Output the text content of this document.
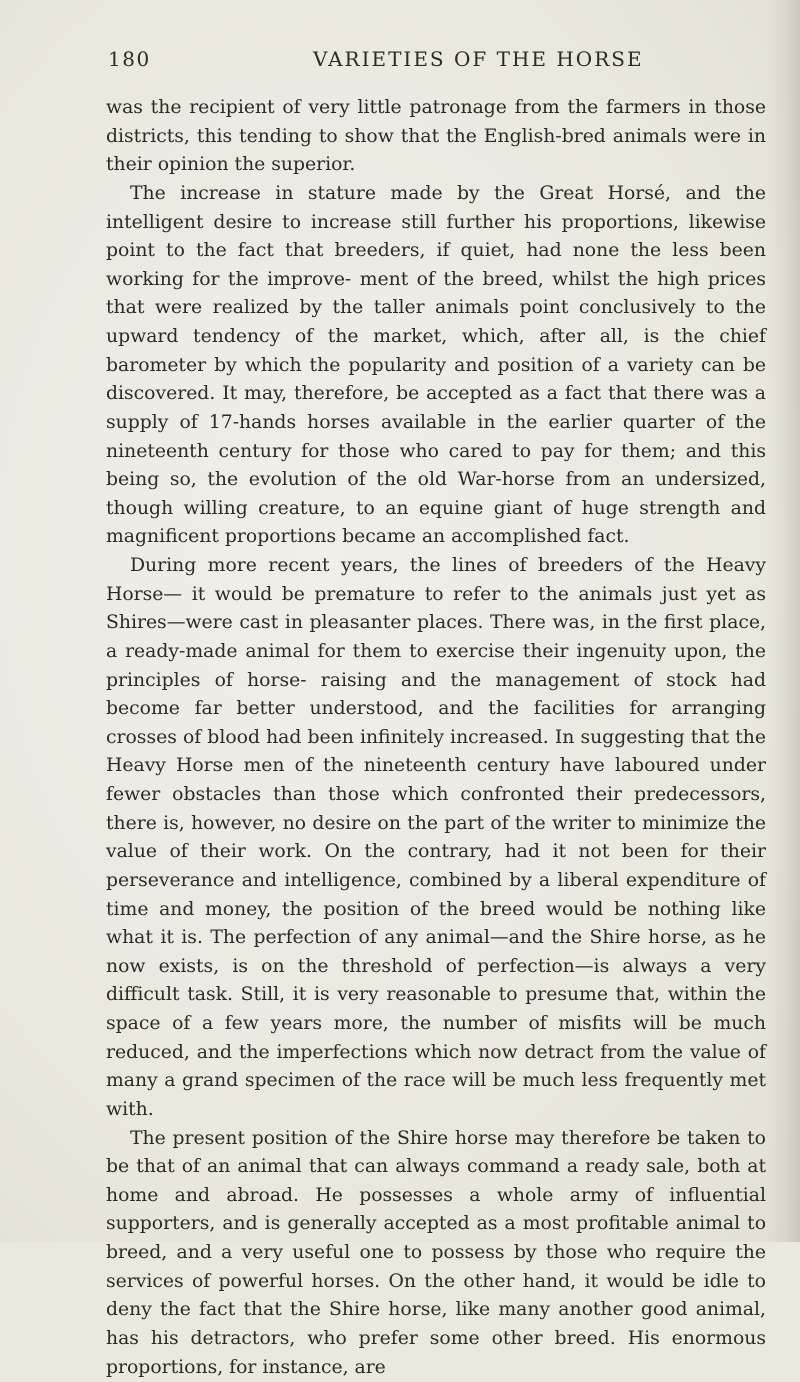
180	VARIETIES OF THE HORSE

was the recipient of very little patronage from the farmers in those districts, this tending to show that the English-bred animals were in their opinion the superior.

The increase in stature made by the Great Horsé, and the intelligent desire to increase still further his proportions, likewise point to the fact that breeders, if quiet, had none the less been working for the improve- ment of the breed, whilst the high prices that were realized by the taller animals point conclusively to the upward tendency of the market, which, after all, is the chief barometer by which the popularity and position of a variety can be discovered. It may, therefore, be accepted as a fact that there was a supply of 17-hands horses available in the earlier quarter of the nineteenth century for those who cared to pay for them; and this being so, the evolution of the old War-horse from an undersized, though willing creature, to an equine giant of huge strength and magnificent proportions became an accomplished fact.

During more recent years, the lines of breeders of the Heavy Horse— it would be premature to refer to the animals just yet as Shires—were cast in pleasanter places. There was, in the first place, a ready-made animal for them to exercise their ingenuity upon, the principles of horse- raising and the management of stock had become far better understood, and the facilities for arranging crosses of blood had been infinitely increased. In suggesting that the Heavy Horse men of the nineteenth century have laboured under fewer obstacles than those which confronted their predecessors, there is, however, no desire on the part of the writer to minimize the value of their work. On the contrary, had it not been for their perseverance and intelligence, combined by a liberal expenditure of time and money, the position of the breed would be nothing like what it is. The perfection of any animal—and the Shire horse, as he now exists, is on the threshold of perfection—is always a very difficult task. Still, it is very reasonable to presume that, within the space of a few years more, the number of misfits will be much reduced, and the imperfections which now detract from the value of many a grand specimen of the race will be much less frequently met with.

The present position of the Shire horse may therefore be taken to be that of an animal that can always command a ready sale, both at home and abroad. He possesses a whole army of influential supporters, and is generally accepted as a most profitable animal to breed, and a very useful one to possess by those who require the services of powerful horses. On the other hand, it would be idle to deny the fact that the Shire horse, like many another good animal, has his detractors, who prefer some other breed. His enormous proportions, for instance, are
